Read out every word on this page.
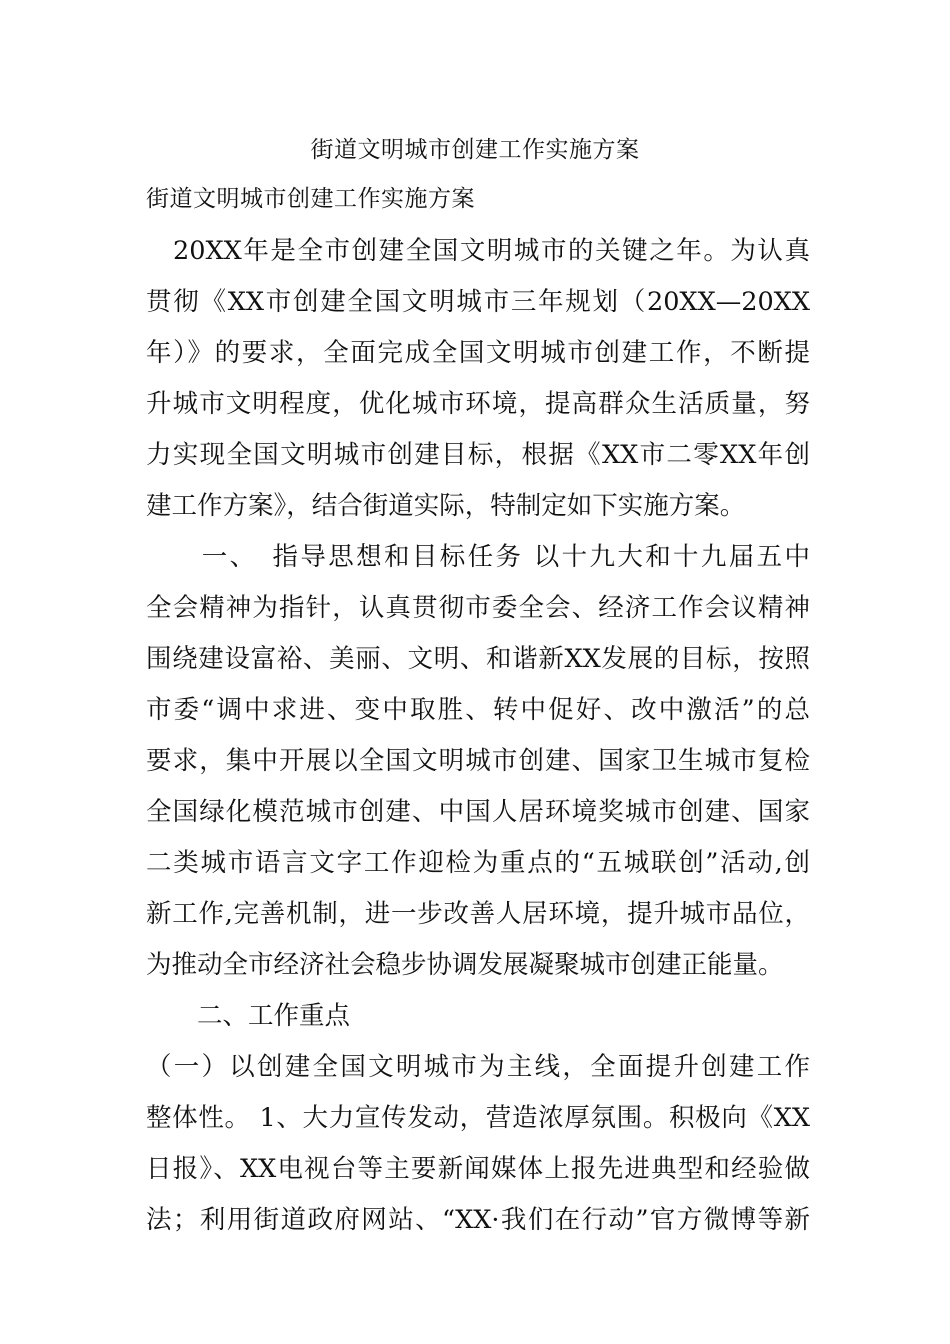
街道文明城市创建工作实施方案
街道文明城市创建工作实施方案
　20XX年是全市创建全国文明城市的关键之年。为认真
贯彻《XX市创建全国文明城市三年规划（20XX—20XX
年）》的要求，全面完成全国文明城市创建工作，不断提
升城市文明程度，优化城市环境，提高群众生活质量，努
力实现全国文明城市创建目标，根据《XX市二零XX年创
建工作方案》，结合街道实际，特制定如下实施方案。
　　一、　指导思想和目标任务 以十九大和十九届五中
全会精神为指针，认真贯彻市委全会、经济工作会议精神
围绕建设富裕、美丽、文明、和谐新XX发展的目标，按照
市委“调中求进、变中取胜、转中促好、改中激活”的总
要求，集中开展以全国文明城市创建、国家卫生城市复检
全国绿化模范城市创建、中国人居环境奖城市创建、国家
二类城市语言文字工作迎检为重点的“五城联创”活动,创
新工作,完善机制，进一步改善人居环境，提升城市品位，
为推动全市经济社会稳步协调发展凝聚城市创建正能量。
　　二、工作重点
（一）以创建全国文明城市为主线，全面提升创建工作
整体性。 1、大力宣传发动，营造浓厚氛围。积极向《XX
日报》、XX电视台等主要新闻媒体上报先进典型和经验做
法；利用街道政府网站、“XX·我们在行动”官方微博等新
